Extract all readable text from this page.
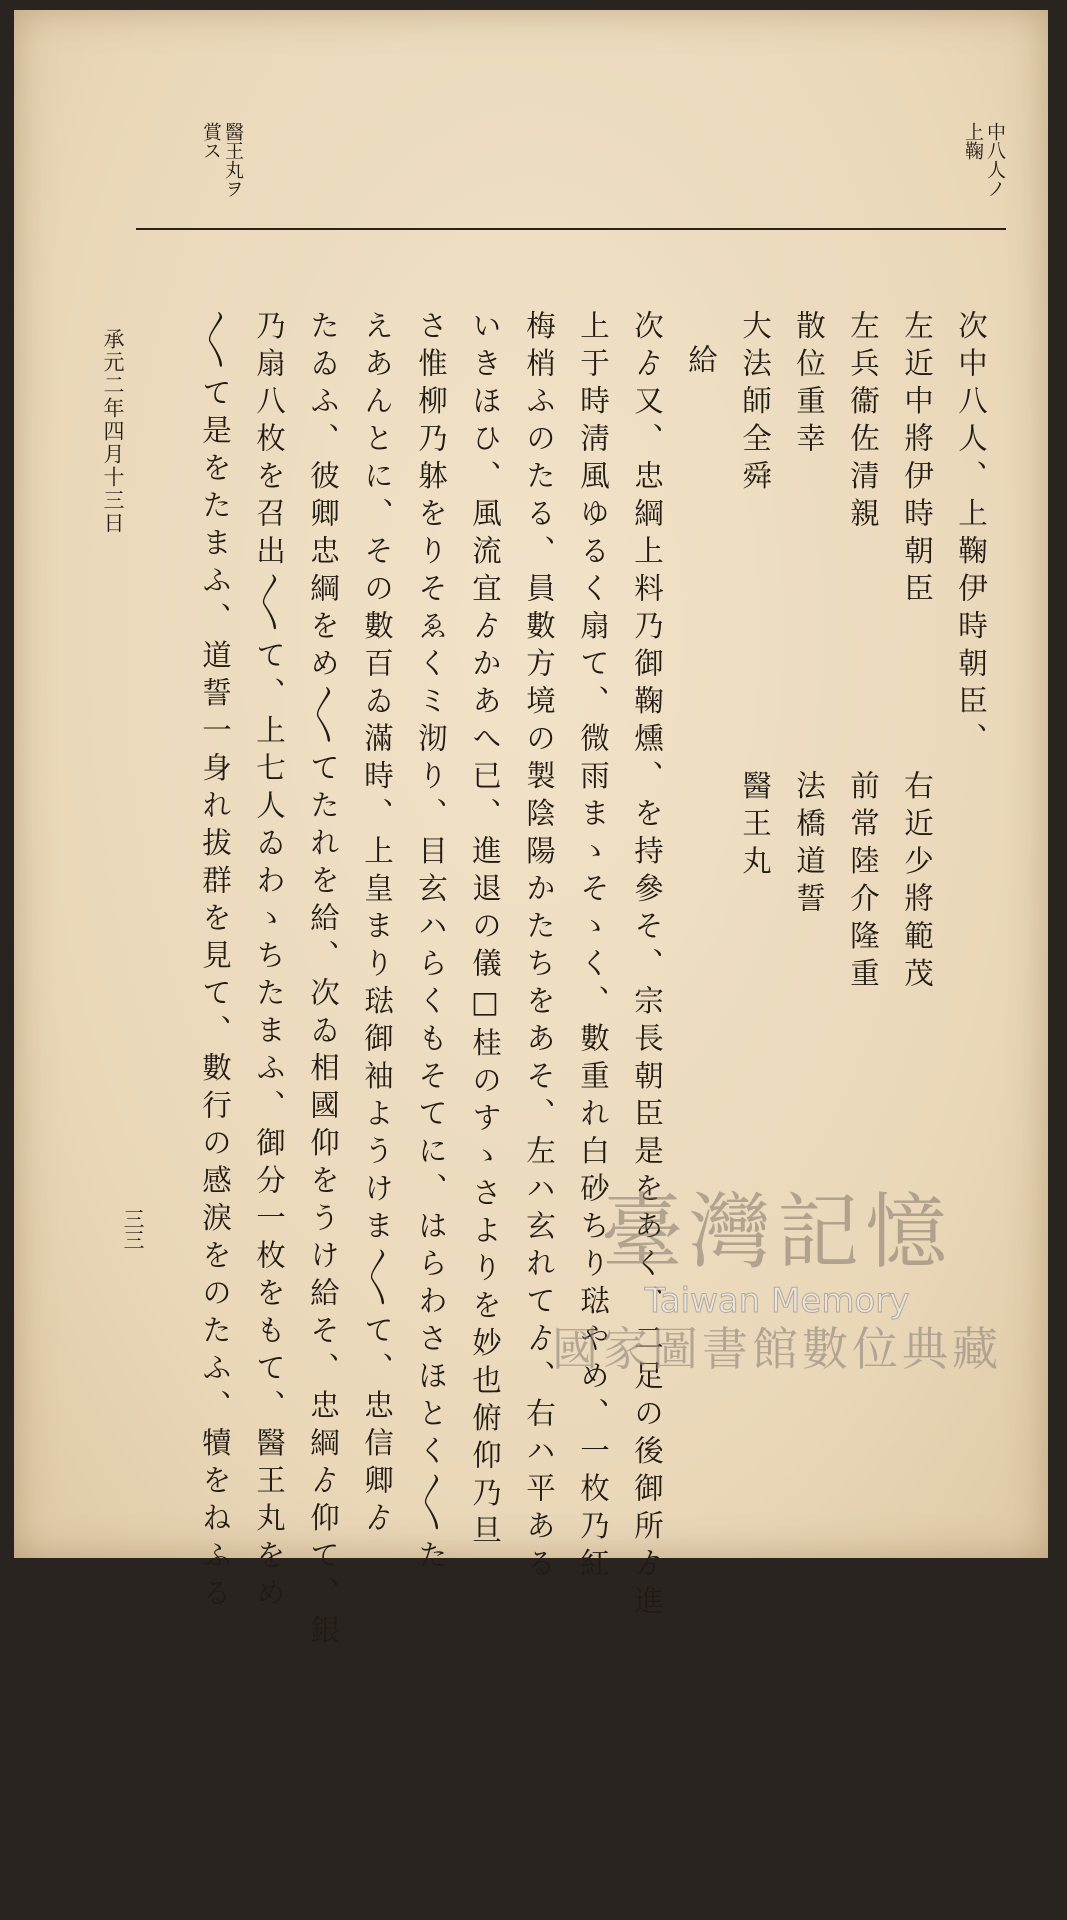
中八人ノ
上鞠
醫王丸ヲ
賞ス
次中八人、上鞠伊時朝臣、
左近中將伊時朝臣
右近少將範茂
左兵衞佐清親
前常陸介隆重
散位重幸
法橋道誓
大法師全舜
醫王丸
給
次ゟ又、忠綱上料乃御鞠燻、を持參そ、宗長朝臣是をあく、二足の後御所ゟ進
上于時淸風ゆるく扇て、微雨まゝそゝく、數重れ白砂ちり琺やめ、一枚乃紅
梅梢ふのたる、員數方境の製陰陽かたちをあそ、左ハ玄れてゟ、右ハ平ある
いきほひ、風流宜ゟかあへ已、進退の儀□桂のすゝさよりを妙也俯仰乃旦
さ惟柳乃躰をりそゑくミ沏り、目玄ハらくもそてに、はらわさほとく〳〵た
えあんとに、その數百ゐ滿時、上皇まり琺御袖ようけま〳〵て、忠信卿ゟ
たゐふ、彼卿忠綱をめ〳〵てたれを給、次ゐ相國仰をうけ給そ、忠綱ゟ仰て、銀
乃扇八枚を召出〳〵て、上七人ゐわゝちたまふ、御分一枚をもて、醫王丸をめ
〳〵て是をたまふ、道誓一身れ拔群を見て、數行の感淚をのたふ、犢をねふる
承元二年四月十三日
三三	臺灣記憶
Taiwan Memory
國家圖書館數位典藏
